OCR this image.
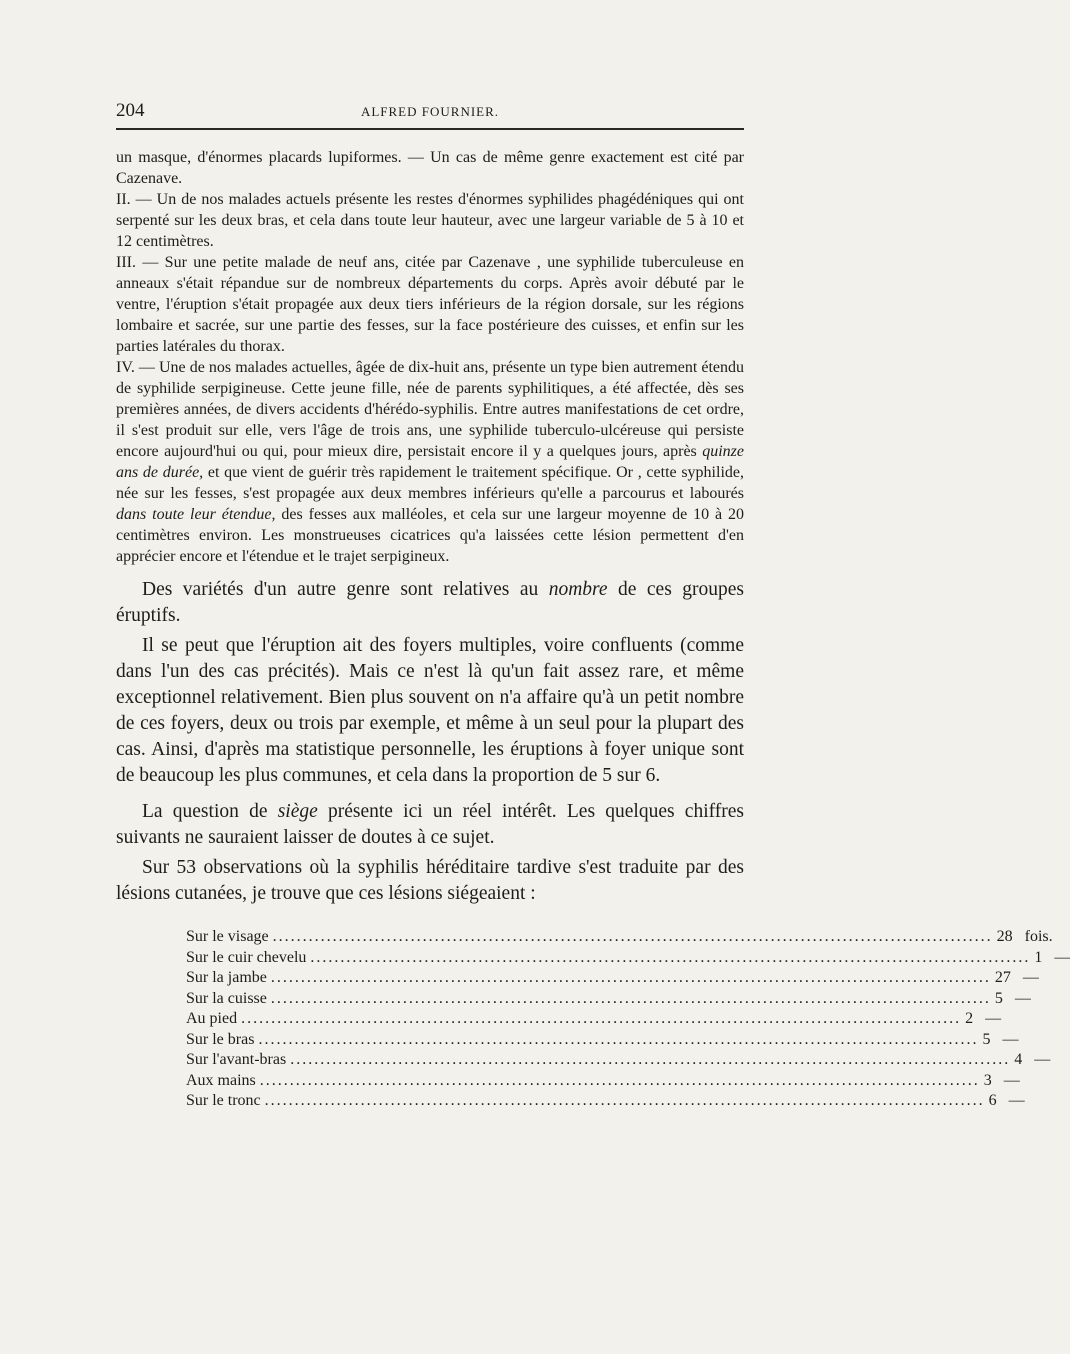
204	ALFRED FOURNIER.

un masque, d'énormes placards lupiformes. — Un cas de même genre exactement est cité par Cazenave.

II. — Un de nos malades actuels présente les restes d'énormes syphilides phagédéniques qui ont serpenté sur les deux bras, et cela dans toute leur hauteur, avec une largeur variable de 5 à 10 et 12 centimètres.

III. — Sur une petite malade de neuf ans, citée par Cazenave , une syphilide tuberculeuse en anneaux s'était répandue sur de nombreux départements du corps. Après avoir débuté par le ventre, l'éruption s'était propagée aux deux tiers inférieurs de la région dorsale, sur les régions lombaire et sacrée, sur une partie des fesses, sur la face postérieure des cuisses, et enfin sur les parties latérales du thorax.

IV. — Une de nos malades actuelles, âgée de dix-huit ans, présente un type bien autrement étendu de syphilide serpigineuse. Cette jeune fille, née de parents syphilitiques, a été affectée, dès ses premières années, de divers accidents d'hérédo-syphilis. Entre autres manifestations de cet ordre, il s'est produit sur elle, vers l'âge de trois ans, une syphilide tuberculo-ulcéreuse qui persiste encore aujourd'hui ou qui, pour mieux dire, persistait encore il y a quelques jours, après quinze ans de durée, et que vient de guérir très rapidement le traitement spécifique. Or , cette syphilide, née sur les fesses, s'est propagée aux deux membres inférieurs qu'elle a parcourus et labourés dans toute leur étendue, des fesses aux malléoles, et cela sur une largeur moyenne de 10 à 20 centimètres environ. Les monstrueuses cicatrices qu'a laissées cette lésion permettent d'en apprécier encore et l'étendue et le trajet serpigineux.

Des variétés d'un autre genre sont relatives au nombre de ces groupes éruptifs.

Il se peut que l'éruption ait des foyers multiples, voire confluents (comme dans l'un des cas précités). Mais ce n'est là qu'un fait assez rare, et même exceptionnel relativement. Bien plus souvent on n'a affaire qu'à un petit nombre de ces foyers, deux ou trois par exemple, et même à un seul pour la plupart des cas. Ainsi, d'après ma statistique personnelle, les éruptions à foyer unique sont de beaucoup les plus communes, et cela dans la proportion de 5 sur 6.

La question de siège présente ici un réel intérêt. Les quelques chiffres suivants ne sauraient laisser de doutes à ce sujet.

Sur 53 observations où la syphilis héréditaire tardive s'est traduite par des lésions cutanées, je trouve que ces lésions siégeaient :

Sur le visage ........................................................................................................................ 28 fois.
Sur le cuir chevelu ........................................................................................................................ 1 —
Sur la jambe ........................................................................................................................ 27 —
Sur la cuisse ........................................................................................................................ 5 —
Au pied ........................................................................................................................ 2 —
Sur le bras ........................................................................................................................ 5 —
Sur l'avant-bras ........................................................................................................................ 4 —
Aux mains ........................................................................................................................ 3 —
Sur le tronc ........................................................................................................................ 6 —
